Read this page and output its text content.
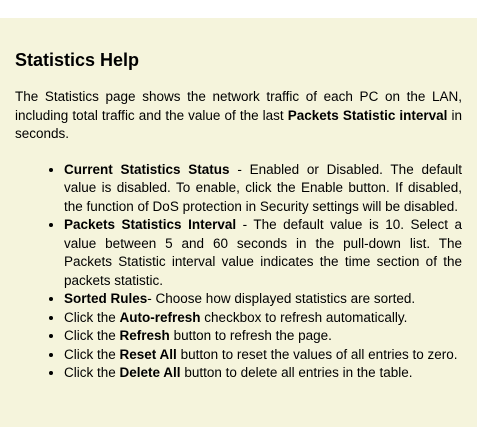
Statistics Help

The Statistics page shows the network traffic of each PC on the LAN, including total traffic and the value of the last Packets Statistic interval in seconds.

• Current Statistics Status - Enabled or Disabled. The default value is disabled. To enable, click the Enable button. If disabled, the function of DoS protection in Security settings will be disabled.
• Packets Statistics Interval - The default value is 10. Select a value between 5 and 60 seconds in the pull-down list. The Packets Statistic interval value indicates the time section of the packets statistic.
• Sorted Rules- Choose how displayed statistics are sorted.
• Click the Auto-refresh checkbox to refresh automatically.
• Click the Refresh button to refresh the page.
• Click the Reset All button to reset the values of all entries to zero.
• Click the Delete All button to delete all entries in the table.
